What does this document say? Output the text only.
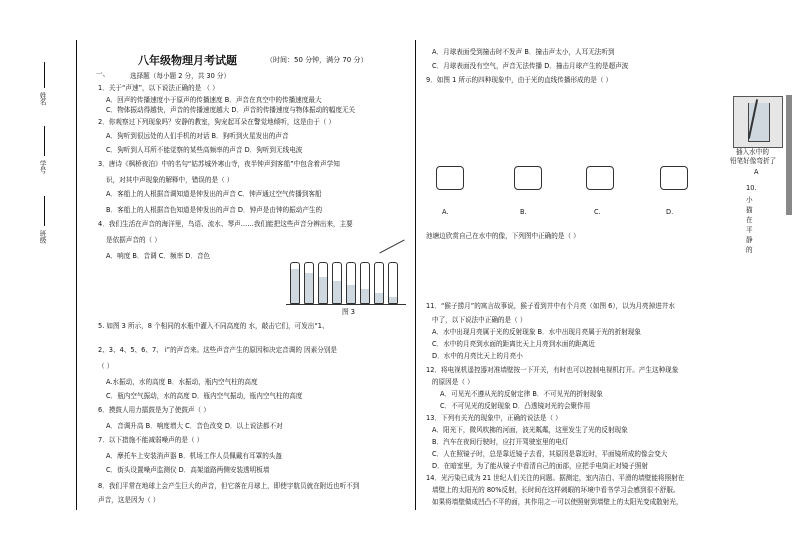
姓名
学号
班级
八年级物理月考试题	（时间：50 分钟，满分 70 分）
一、	选择题（每小题 2 分，共 30 分）
1．关于“声速”，以下说法正确的是 （ ）
A．回声的传播速度小于原声的传播速度 B．声音在真空中的传播速度最大
C．物体振动得越快，声音的传播速度越大 D．声音的传播速度与物体振动的幅度无关
2．你观察过下列现象吗？安静的教室，狗宠起耳朵在警觉地倾听，这是由于（ ）
A．狗听到很远处的人们手机的对话 B．狗听到火星发出的声音
C．狗听到人耳所不能觉察的某些高频率的声音 D．狗听到无线电波
3．唐诗《枫桥夜泊》中的名句“姑苏城外寒山寺，夜半钟声到客船”中包含着声学知
识，对其中声现象的解释中，错误的是（ ）
A．客船上的人根据音调知道是钟发出的声音 C．钟声通过空气传播到客船
B．客船上的人根据音色知道是钟发出的声音 D．钟声是由钟的振动产生的
4．我们生活在声音的海洋里，鸟语、流水、琴声……我们能把这些声音分辨出来，主要
是依据声音的（ ）
A．响度 B．音调 C．频率 D．音色
5. 如图 3 所示，8 个相同的水瓶中灌入不同高度的 水，敲击它们，可发出“1、
2、3、4、5、6、7、 i”的声音来。这些声音产生的原因和决定音调的 因素分别是
（ ）
A.水振动，水的高度 B．水振动，瓶内空气柱的高度
C．瓶内空气振动，水的高度 D．瓶内空气振动，瓶内空气柱的高度
6．摸鼓人用力擂鼓是为了使鼓声（ ）
A．音调升高 B．响度增大 C．音色改变 D．以上说法都不对
7．以下措施不能减弱噪声的是（ ）
A．摩托车上安装消声器 B．机场工作人员佩戴有耳罩的头盔
C．街头设置噪声监测仪 D．高架道路两侧安装透明板墙
8．我们平常在地球上会产生巨大的声音，但它落在月球上，即使宇航员就在附近也听不到
声音，这是因为（ ）
图 3
A．月球表面受到撞击时不发声 B．撞击声太小，人耳无法听到
C．月球表面没有空气，声音无法传播 D．撞击月球产生的是超声波
9．如图 1 所示的四种现象中，由于光的直线传播形成的是（ ）
A.	B.	C.	D.
插入水中的
铅笔好像弯折了
A
10.
小
猫
在
平
静
的
池塘边欣赏自己在水中的像，下列图中正确的是（ ）
11．“猴子捞月”的寓言故事说，猴子看到井中有个月亮（如图 6），以为月亮掉进井水
中了，以下说法中正确的是（ ）
A．水中出现月亮属于光的反射现象 B．水中出现月亮属于光的折射现象
C．水中的月亮到水面的距离比天上月亮到水面的距离近
D．水中的月亮比天上的月亮小
12．将电视机遥控器对准墙壁按一下开关，有时也可以控制电视机打开。产生这种现象
的原因是（ ）
A．可见光不遵从光的反射定律 B．不可见光的折射现象
C．不可见光的反射现象 D．凸透镜对光的会聚作用
13．下列有关光的现象中，正确的说法是（ ）
A．阳光下，微风吹拂的河面，波光粼粼，这里发生了光的反射现象
B．汽车在夜间行驶时，应打开驾驶室里的电灯
C．人在照镜子时，总是靠近镜子去看，其原因是靠近时，平面镜所成的像会变大
D．在暗室里，为了能从镜子中看清自己的面部，应把手电筒正对镜子照射
14．光污染已成为 21 世纪人们关注的问题。据测定，室内洁白、平滑的墙壁能将照射在
墙壁上的太阳光的 80%反射，长时间在这样刺眼的环境中看书学习会感到很不舒服。
如果将墙壁做成凹凸不平的面，其作用之一可以使照射到墙壁上的太阳光变成散射光，
